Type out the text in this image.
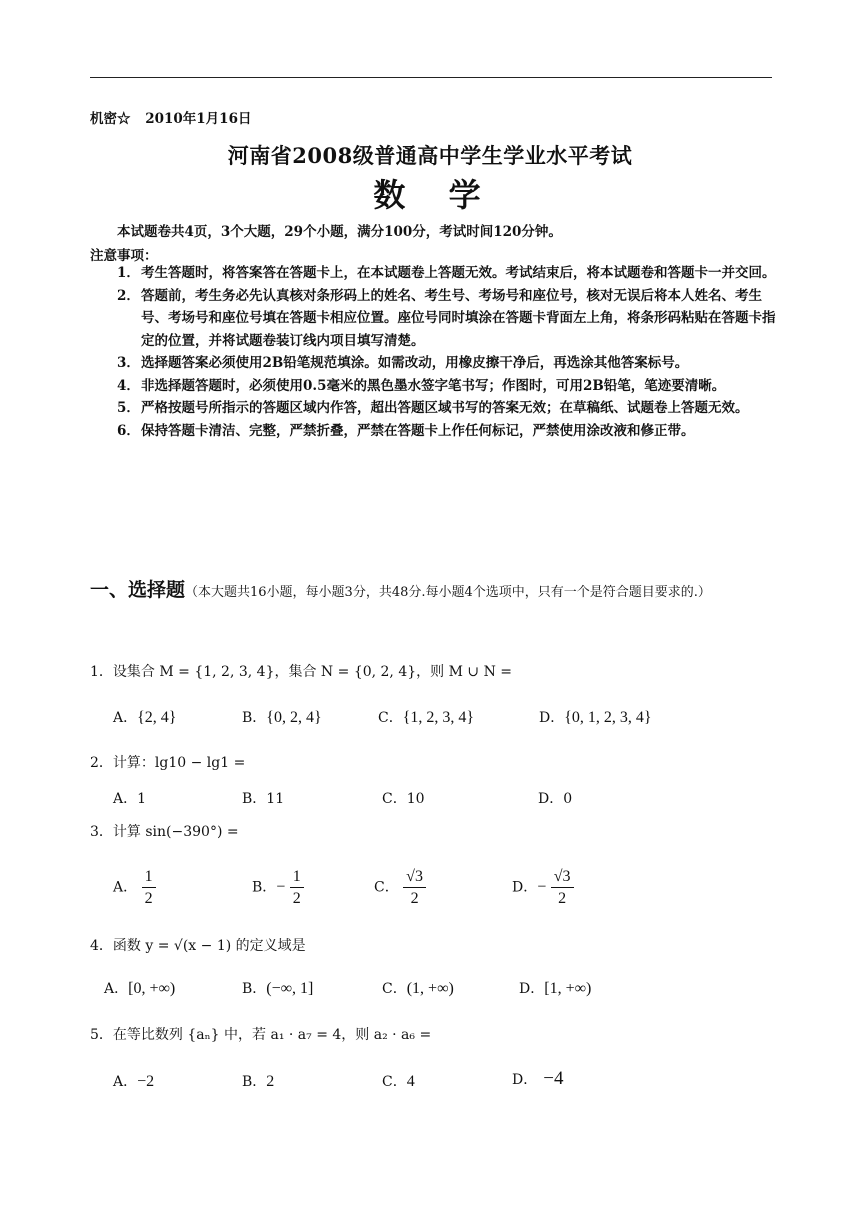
机密☆ 2010年1月16日
河南省2008级普通高中学生学业水平考试
数 学
本试题卷共4页，3个大题，29个小题，满分100分，考试时间120分钟。
注意事项：
1． 考生答题时，将答案答在答题卡上，在本试题卷上答题无效。考试结束后，将本试题卷和答题卡一并交回。
2． 答题前，考生务必先认真核对条形码上的姓名、考生号、考场号和座位号，核对无误后将本人姓名、考生号、考场号和座位号填在答题卡相应位置。座位号同时填涂在答题卡背面左上角，将条形码粘贴在答题卡指定的位置，并将试题卷装订线内项目填写清楚。
3． 选择题答案必须使用2B铅笔规范填涂。如需改动，用橡皮擦干净后，再选涂其他答案标号。
4． 非选择题答题时，必须使用0.5毫米的黑色墨水签字笔书写；作图时，可用2B铅笔，笔迹要清晰。
5． 严格按题号所指示的答题区域内作答，超出答题区域书写的答案无效；在草稿纸、试题卷上答题无效。
6． 保持答题卡清洁、完整，严禁折叠，严禁在答题卡上作任何标记，严禁使用涂改液和修正带。
一、选择题（本大题共16小题，每小题3分，共48分.每小题4个选项中，只有一个是符合题目要求的.）
1．设集合 M = {1, 2, 3, 4}，集合 N = {0, 2, 4}，则 M ∪ N =
A．{2, 4}	B．{0, 2, 4}	C．{1, 2, 3, 4}	D．{0, 1, 2, 3, 4}
2．计算：lg10 − lg1 =
A．1	B．11	C．10	D．0
3．计算 sin(−390°) =
A． $\frac{1}{2}$	B．− $\frac{1}{2}$	C． $\frac{√3}{2}$	D．− $\frac{√3}{2}$
4．函数 y = √(x − 1) 的定义域是
A．[0, +∞)	B．(−∞, 1]	C．(1, +∞)	D．[1, +∞)
5．在等比数列 {aₙ} 中，若 a₁ · a₇ = 4，则 a₂ · a₆ =
A．−2	B．2	C．4	D． −4
